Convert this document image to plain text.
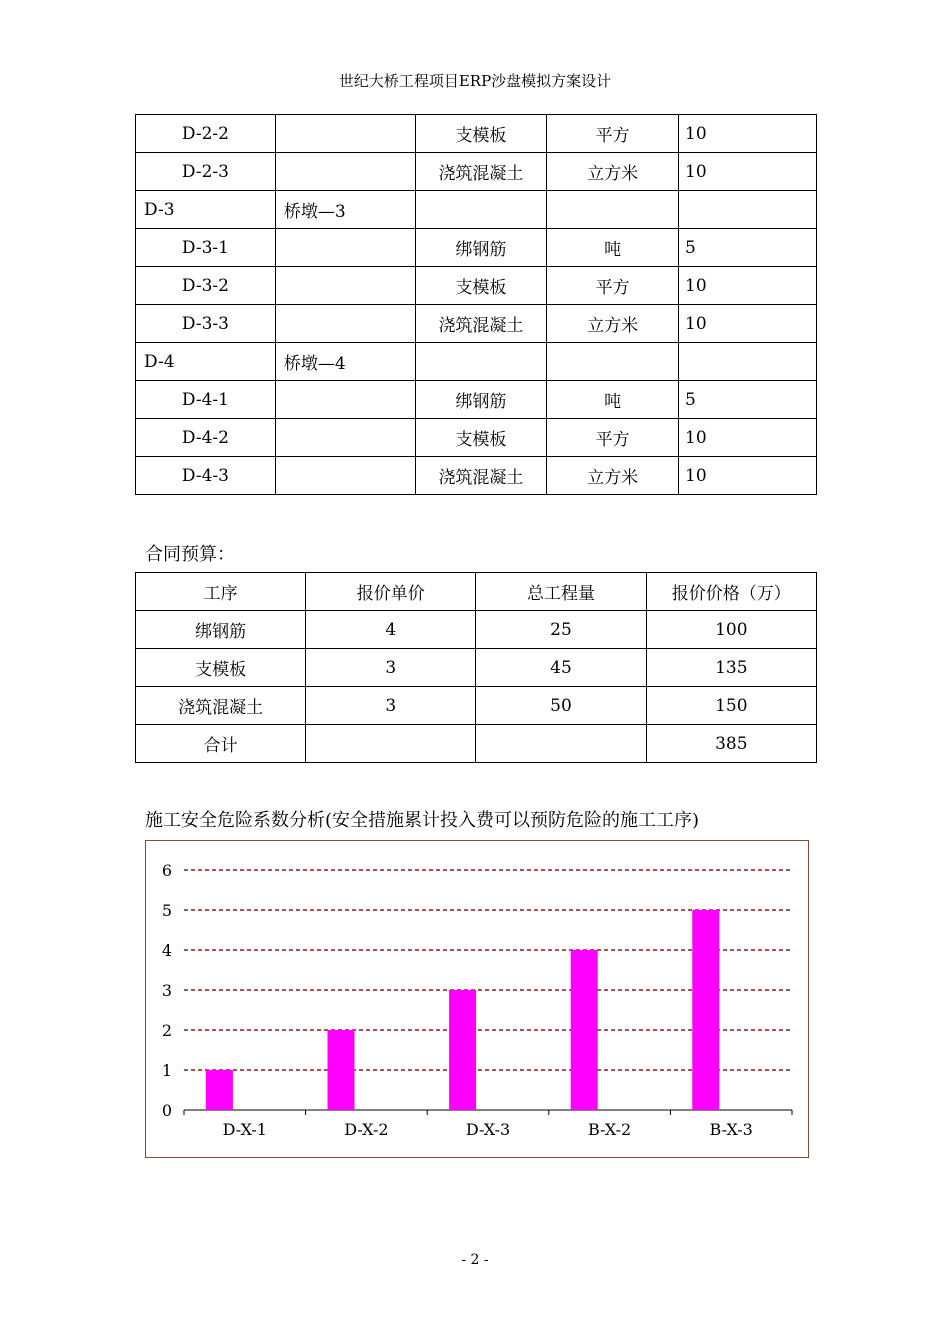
世纪大桥工程项目ERP沙盘模拟方案设计
D-2-2		支模板	平方	10
D-2-3		浇筑混凝土	立方米	10
D-3	桥墩—3			
D-3-1		绑钢筋	吨	5
D-3-2		支模板	平方	10
D-3-3		浇筑混凝土	立方米	10
D-4	桥墩—4			
D-4-1		绑钢筋	吨	5
D-4-2		支模板	平方	10
D-4-3		浇筑混凝土	立方米	10
合同预算：
工序	报价单价	总工程量	报价价格（万）
绑钢筋	4	25	100
支模板	3	45	135
浇筑混凝土	3	50	150
合计			385
施工安全危险系数分析(安全措施累计投入费可以预防危险的施工工序)
0
1
2
3
4
5
6
D-X-1	D-X-2	D-X-3	B-X-2	B-X-3
- 2 -
